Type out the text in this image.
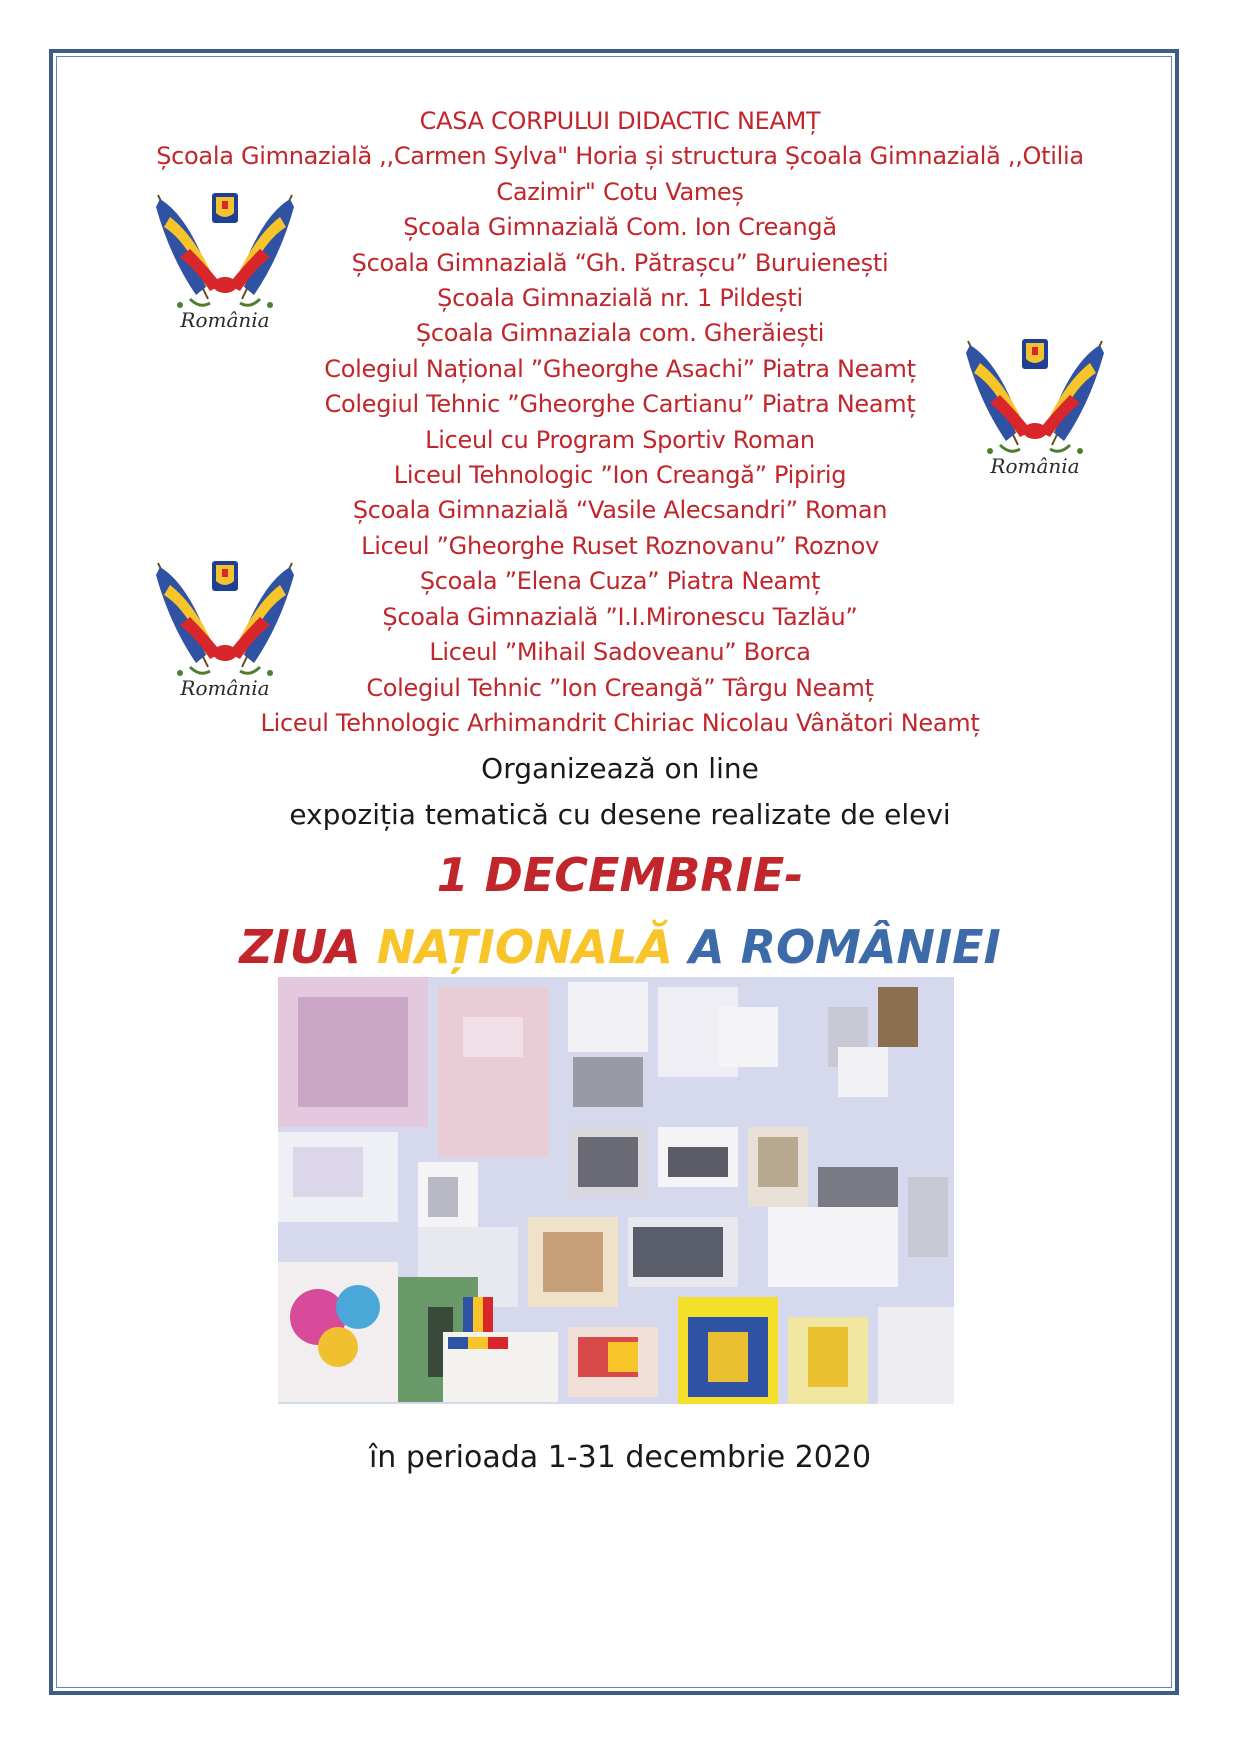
România
România
România
CASA CORPULUI DIDACTIC NEAMȚ
Școala Gimnazială ,,Carmen Sylva" Horia și structura Școala Gimnazială ,,Otilia
Cazimir" Cotu Vameș
Școala Gimnazială Com. Ion Creangă
Școala Gimnazială “Gh. Pătrașcu” Buruienești
Școala Gimnazială nr. 1 Pildești
Școala Gimnaziala com. Gherăiești
Colegiul Național ”Gheorghe Asachi” Piatra Neamț
Colegiul Tehnic ”Gheorghe Cartianu” Piatra Neamț
Liceul cu Program Sportiv Roman
Liceul Tehnologic ”Ion Creangă” Pipirig
Școala Gimnazială “Vasile Alecsandri” Roman
Liceul ”Gheorghe Ruset Roznovanu” Roznov
Școala ”Elena Cuza” Piatra Neamț
Școala Gimnazială ”I.I.Mironescu Tazlău”
Liceul ”Mihail Sadoveanu” Borca
Colegiul Tehnic ”Ion Creangă” Târgu Neamț
Liceul Tehnologic Arhimandrit Chiriac Nicolau Vânători Neamț
Organizează on line
expoziția tematică cu desene realizate de elevi
1 DECEMBRIE-
ZIUA NAȚIONALĂ A ROMÂNIEI
în perioada 1-31 decembrie 2020
